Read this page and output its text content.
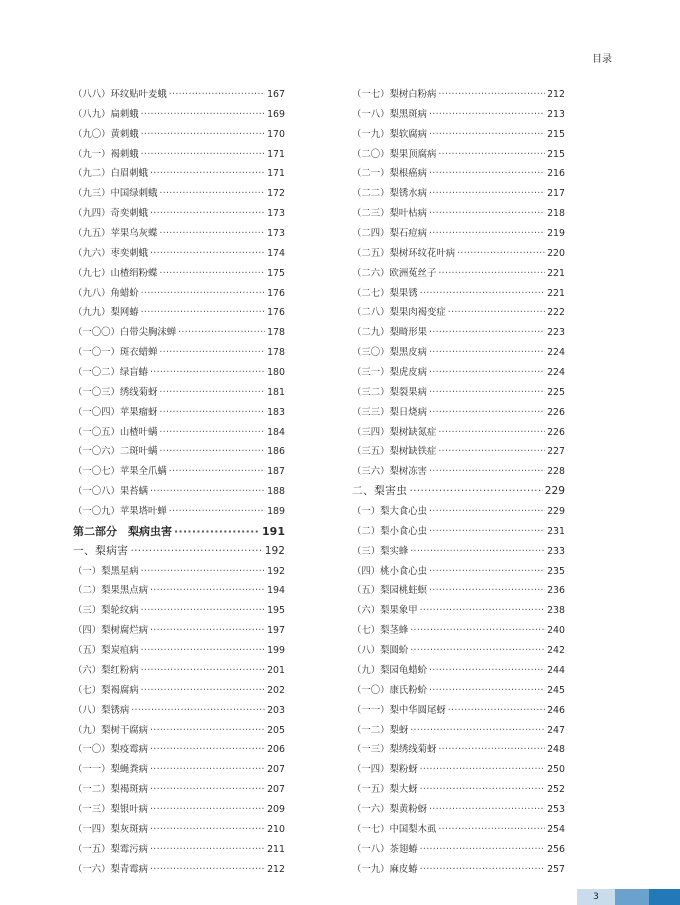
目录
（八八）环纹贴叶麦蛾 ·····	167
（八九）扁刺蛾 ·····	169
（九〇）黄刺蛾 ·····	170
（九一）褐刺蛾 ·····	171
（九二）白眉刺蛾 ·····	171
（九三）中国绿刺蛾 ·····	172
（九四）奇奕刺蛾 ·····	173
（九五）苹果乌灰蝶 ·····	173
（九六）枣奕刺蛾 ·····	174
（九七）山楂绢粉蝶 ·····	175
（九八）角蜡蚧 ·····	176
（九九）梨网蝽 ·····	176
（一〇〇）白带尖胸沫蝉 ·····	178
（一〇一）斑衣蜡蝉 ·····	178
（一〇二）绿盲蝽 ·····	180
（一〇三）绣线菊蚜 ·····	181
（一〇四）苹果瘤蚜 ·····	183
（一〇五）山楂叶螨 ·····	184
（一〇六）二斑叶螨 ·····	186
（一〇七）苹果全爪螨 ·····	187
（一〇八）果苔螨 ·····	188
（一〇九）苹果塔叶蝉 ·····	189
第二部分　梨病虫害 ·····	191
一、梨病害 ·····	192
（一）梨黑星病 ·····	192
（二）梨果黑点病 ·····	194
（三）梨轮纹病 ·····	195
（四）梨树腐烂病 ·····	197
（五）梨炭疽病 ·····	199
（六）梨红粉病 ·····	201
（七）梨褐腐病 ·····	202
（八）梨锈病 ·····	203
（九）梨树干腐病 ·····	205
（一〇）梨疫霉病 ·····	206
（一一）梨蝇粪病 ·····	207
（一二）梨褐斑病 ·····	207
（一三）梨银叶病 ·····	209
（一四）梨灰斑病 ·····	210
（一五）梨霉污病 ·····	211
（一六）梨青霉病 ·····	212
（一七）梨树白粉病 ·····	212
（一八）梨黑斑病 ·····	213
（一九）梨软腐病 ·····	215
（二〇）梨果顶腐病 ·····	215
（二一）梨根癌病 ·····	216
（二二）梨锈水病 ·····	217
（二三）梨叶枯病 ·····	218
（二四）梨石痘病 ·····	219
（二五）梨树环纹花叶病 ·····	220
（二六）欧洲菟丝子 ·····	221
（二七）梨果锈 ·····	221
（二八）梨果肉褐变症 ·····	222
（二九）梨畸形果 ·····	223
（三〇）梨黑皮病 ·····	224
（三一）梨虎皮病 ·····	224
（三二）梨裂果病 ·····	225
（三三）梨日烧病 ·····	226
（三四）梨树缺氮症 ·····	226
（三五）梨树缺铁症 ·····	227
（三六）梨树冻害 ·····	228
二、梨害虫 ·····	229
（一）梨大食心虫 ·····	229
（二）梨小食心虫 ·····	231
（三）梨实蜂 ·····	233
（四）桃小食心虫 ·····	235
（五）梨园桃蛀螟 ·····	236
（六）梨果象甲 ·····	238
（七）梨茎蜂 ·····	240
（八）梨圆蚧 ·····	242
（九）梨园龟蜡蚧 ·····	244
（一〇）康氏粉蚧 ·····	245
（一一）梨中华圆尾蚜 ·····	246
（一二）梨蚜 ·····	247
（一三）梨绣线菊蚜 ·····	248
（一四）梨粉蚜 ·····	250
（一五）梨大蚜 ·····	252
（一六）梨黄粉蚜 ·····	253
（一七）中国梨木虱 ·····	254
（一八）茶翅蝽 ·····	256
（一九）麻皮蝽 ·····	257
3
